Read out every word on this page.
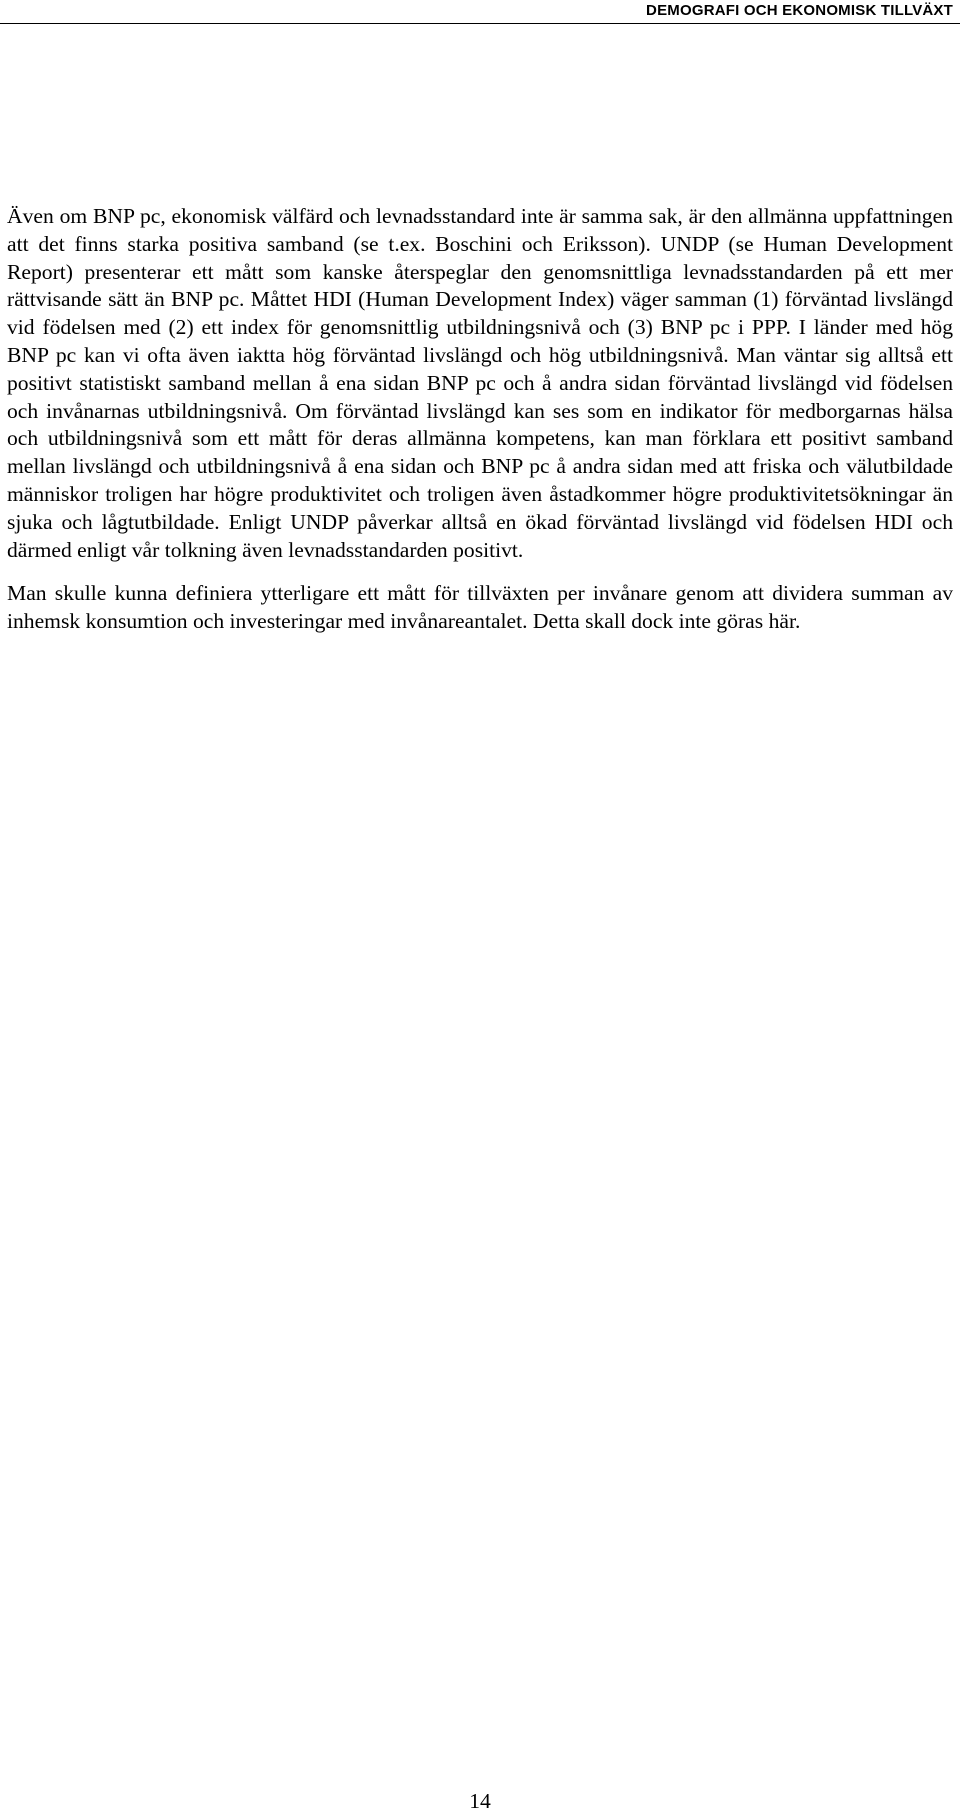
DEMOGRAFI OCH EKONOMISK TILLVÄXT

Även om BNP pc, ekonomisk välfärd och levnadsstandard inte är samma sak, är den allmänna uppfattningen att det finns starka positiva samband (se t.ex. Boschini och Eriksson). UNDP (se Human Development Report) presenterar ett mått som kanske återspeglar den genomsnittliga levnadsstandarden på ett mer rättvisande sätt än BNP pc. Måttet HDI (Human Development Index) väger samman (1) förväntad livslängd vid födelsen med (2) ett index för genomsnittlig utbildningsnivå och (3) BNP pc i PPP. I länder med hög BNP pc kan vi ofta även iaktta hög förväntad livslängd och hög utbildningsnivå. Man väntar sig alltså ett positivt statistiskt samband mellan å ena sidan BNP pc och å andra sidan förväntad livslängd vid födelsen och invånarnas utbildningsnivå. Om förväntad livslängd kan ses som en indikator för medborgarnas hälsa och utbildningsnivå som ett mått för deras allmänna kompetens, kan man förklara ett positivt samband mellan livslängd och utbildningsnivå å ena sidan och BNP pc å andra sidan med att friska och välutbildade människor troligen har högre produktivitet och troligen även åstadkommer högre produktivitetsökningar än sjuka och lågtutbildade. Enligt UNDP påverkar alltså en ökad förväntad livslängd vid födelsen HDI och därmed enligt vår tolkning även levnadsstandarden positivt.

Man skulle kunna definiera ytterligare ett mått för tillväxten per invånare genom att dividera summan av inhemsk konsumtion och investeringar med invånareantalet. Detta skall dock inte göras här.

14
